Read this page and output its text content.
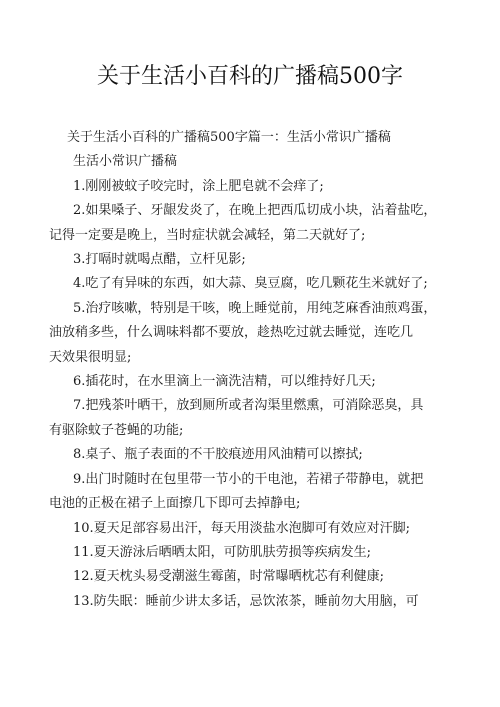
关于生活小百科的广播稿500字

关于生活小百科的广播稿500字篇一：生活小常识广播稿

生活小常识广播稿

1.刚刚被蚊子咬完时，涂上肥皂就不会痒了;

2.如果嗓子、牙龈发炎了，在晚上把西瓜切成小块，沾着盐吃，

记得一定要是晚上，当时症状就会减轻，第二天就好了;

3.打嗝时就喝点醋，立杆见影;

4.吃了有异味的东西，如大蒜、臭豆腐，吃几颗花生米就好了;

5.治疗咳嗽，特别是干咳，晚上睡觉前，用纯芝麻香油煎鸡蛋，

油放稍多些，什么调味料都不要放，趁热吃过就去睡觉，连吃几

天效果很明显;

6.插花时，在水里滴上一滴洗洁精，可以维持好几天;

7.把残茶叶晒干，放到厕所或者沟渠里燃熏，可消除恶臭，具

有驱除蚊子苍蝇的功能;

8.桌子、瓶子表面的不干胶痕迹用风油精可以擦拭;

9.出门时随时在包里带一节小的干电池，若裙子带静电，就把

电池的正极在裙子上面擦几下即可去掉静电;

10.夏天足部容易出汗，每天用淡盐水泡脚可有效应对汗脚;

11.夏天游泳后晒晒太阳，可防肌肤劳损等疾病发生;

12.夏天枕头易受潮滋生霉菌，时常曝晒枕芯有利健康;

13.防失眠：睡前少讲太多话，忌饮浓茶，睡前勿大用脑，可
